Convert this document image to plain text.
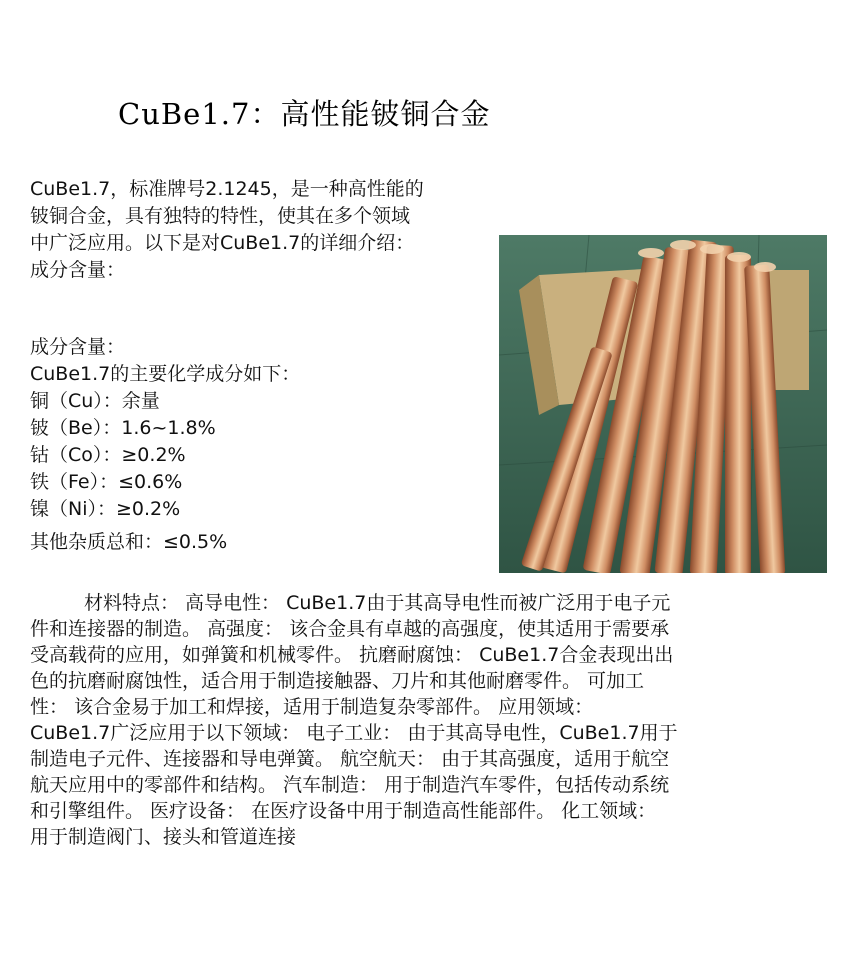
CuBe1.7：高性能铍铜合金
CuBe1.7，标准牌号2.1245，是一种高性能的
铍铜合金，具有独特的特性，使其在多个领域
中广泛应用。以下是对CuBe1.7的详细介绍：
成分含量：
成分含量：
CuBe1.7的主要化学成分如下：
铜（Cu）：余量
铍（Be）：1.6~1.8%
钴（Co）：≥0.2%
铁（Fe）：≤0.6%
镍（Ni）：≥0.2%
其他杂质总和：≤0.5%
材料特点： 高导电性： CuBe1.7由于其高导电性而被广泛用于电子元
件和连接器的制造。 高强度： 该合金具有卓越的高强度，使其适用于需要承
受高载荷的应用，如弹簧和机械零件。 抗磨耐腐蚀： CuBe1.7合金表现出出
色的抗磨耐腐蚀性，适合用于制造接触器、刀片和其他耐磨零件。 可加工
性： 该合金易于加工和焊接，适用于制造复杂零部件。 应用领域：
CuBe1.7广泛应用于以下领域： 电子工业： 由于其高导电性，CuBe1.7用于
制造电子元件、连接器和导电弹簧。 航空航天： 由于其高强度，适用于航空
航天应用中的零部件和结构。 汽车制造： 用于制造汽车零件，包括传动系统
和引擎组件。 医疗设备： 在医疗设备中用于制造高性能部件。 化工领域：
用于制造阀门、接头和管道连接
